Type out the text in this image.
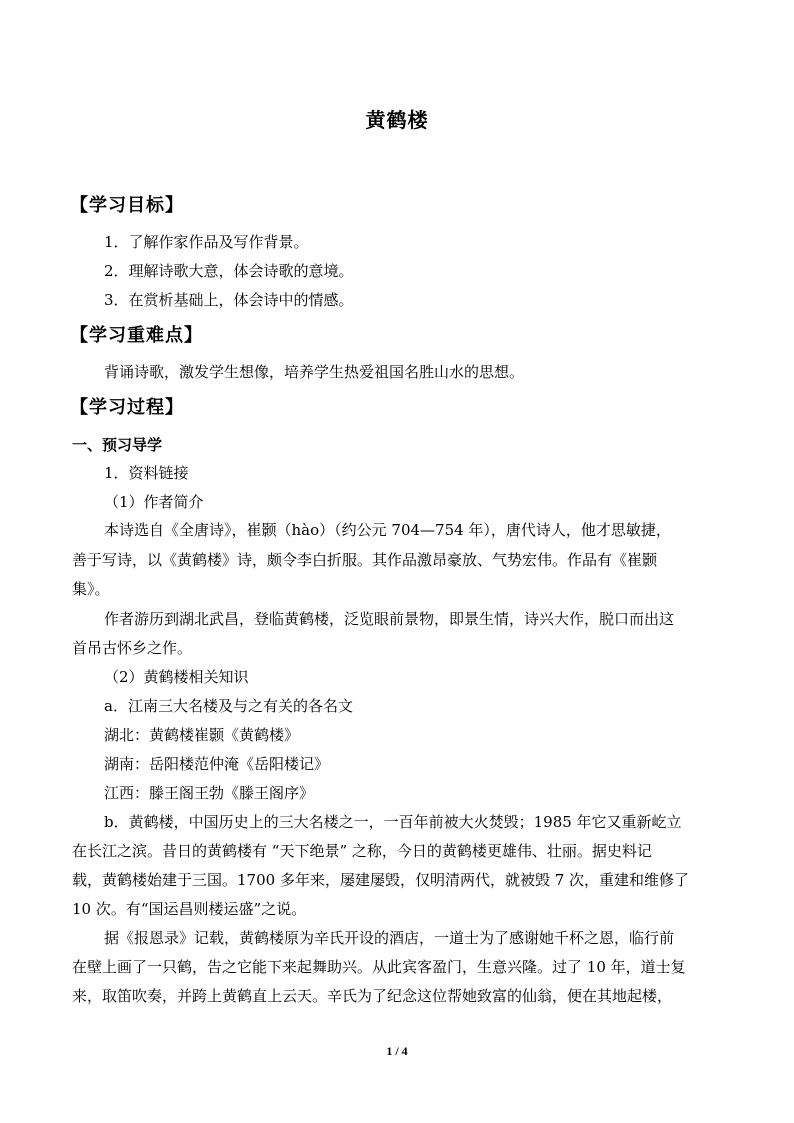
黄鹤楼
【学习目标】
1．了解作家作品及写作背景。
2．理解诗歌大意，体会诗歌的意境。
3．在赏析基础上，体会诗中的情感。
【学习重难点】
背诵诗歌，激发学生想像，培养学生热爱祖国名胜山水的思想。
【学习过程】
一、预习导学
1．资料链接
（1）作者简介
本诗选自《全唐诗》，崔颢（hào）（约公元 704—754 年），唐代诗人，他才思敏捷，
善于写诗，以《黄鹤楼》诗，颇令李白折服。其作品激昂豪放、气势宏伟。作品有《崔颢
集》。
作者游历到湖北武昌，登临黄鹤楼，泛览眼前景物，即景生情，诗兴大作，脱口而出这
首吊古怀乡之作。
（2）黄鹤楼相关知识
a．江南三大名楼及与之有关的各名文
湖北：黄鹤楼崔颢《黄鹤楼》
湖南：岳阳楼范仲淹《岳阳楼记》
江西：滕王阁王勃《滕王阁序》
b．黄鹤楼，中国历史上的三大名楼之一，一百年前被大火焚毁；1985 年它又重新屹立
在长江之滨。昔日的黄鹤楼有 “天下绝景” 之称，今日的黄鹤楼更雄伟、壮丽。据史料记
载，黄鹤楼始建于三国。1700 多年来，屡建屡毁，仅明清两代，就被毁 7 次，重建和维修了
10 次。有“国运昌则楼运盛”之说。
据《报恩录》记载，黄鹤楼原为辛氏开设的酒店，一道士为了感谢她千杯之恩，临行前
在壁上画了一只鹤，告之它能下来起舞助兴。从此宾客盈门，生意兴隆。过了 10 年，道士复
来，取笛吹奏，并跨上黄鹤直上云天。辛氏为了纪念这位帮她致富的仙翁，便在其地起楼，
1 / 4
